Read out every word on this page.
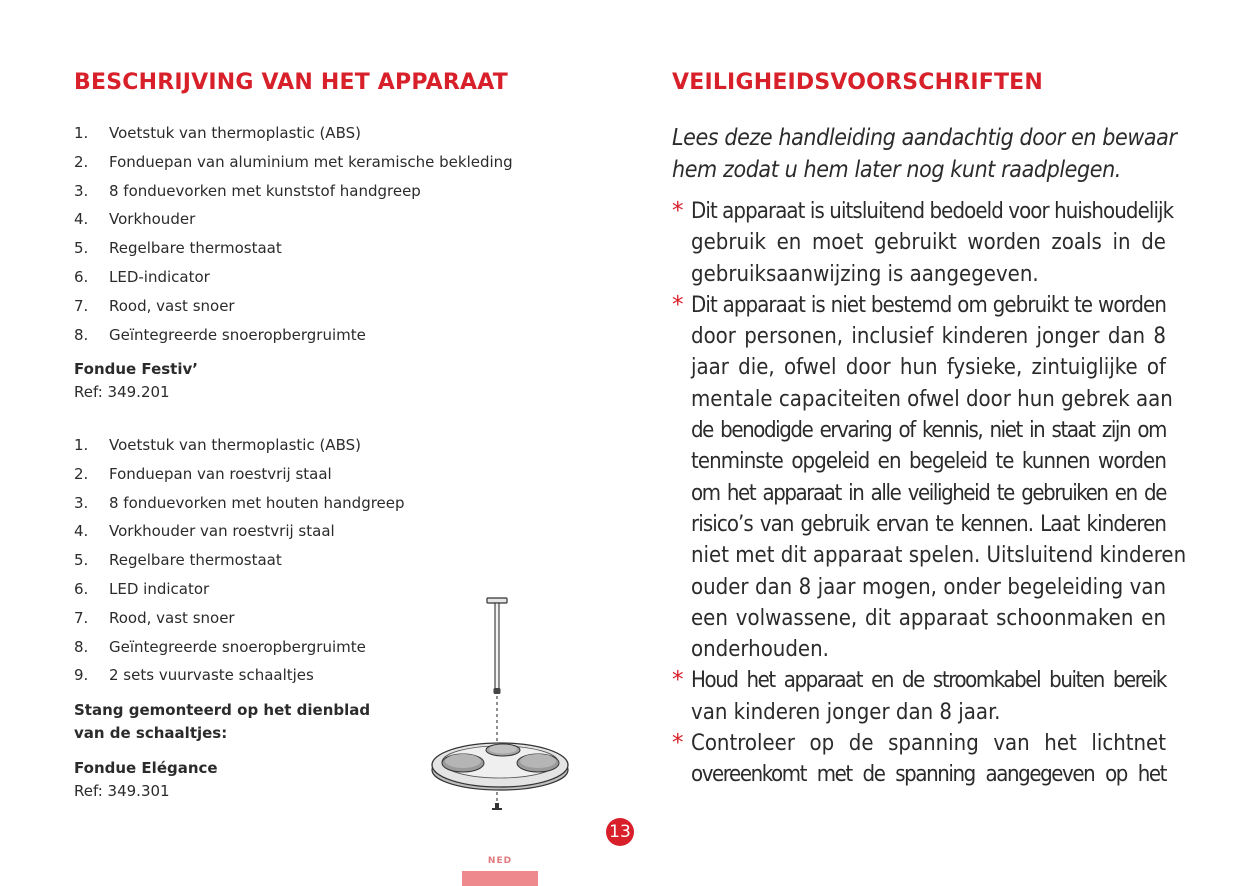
BESCHRIJVING VAN HET APPARAAT
1. Voetstuk van thermoplastic (ABS)
2. Fonduepan van aluminium met keramische bekleding
3. 8 fonduevorken met kunststof handgreep
4. Vorkhouder
5. Regelbare thermostaat
6. LED-indicator
7. Rood, vast snoer
8. Geïntegreerde snoeropbergruimte
Fondue Festiv’
Ref: 349.201
1. Voetstuk van thermoplastic (ABS)
2. Fonduepan van roestvrij staal
3. 8 fonduevorken met houten handgreep
4. Vorkhouder van roestvrij staal
5. Regelbare thermostaat
6. LED indicator
7. Rood, vast snoer
8. Geïntegreerde snoeropbergruimte
9. 2 sets vuurvaste schaaltjes
Stang gemonteerd op het dienblad
van de schaaltjes:
Fondue Elégance
Ref: 349.301
VEILIGHEIDSVOORSCHRIFTEN

Lees deze handleiding aandachtig door en bewaar
hem zodat u hem later nog kunt raadplegen.

* Dit apparaat is uitsluitend bedoeld voor huishoudelijk
gebruik en moet gebruikt worden zoals in de
gebruiksaanwijzing is aangegeven.
* Dit apparaat is niet bestemd om gebruikt te worden
door personen, inclusief kinderen jonger dan 8
jaar die, ofwel door hun fysieke, zintuiglijke of
mentale capaciteiten ofwel door hun gebrek aan
de benodigde ervaring of kennis, niet in staat zijn om
tenminste opgeleid en begeleid te kunnen worden
om het apparaat in alle veiligheid te gebruiken en de
risico’s van gebruik ervan te kennen. Laat kinderen
niet met dit apparaat spelen. Uitsluitend kinderen
ouder dan 8 jaar mogen, onder begeleiding van
een volwassene, dit apparaat schoonmaken en
onderhouden.
* Houd het apparaat en de stroomkabel buiten bereik
van kinderen jonger dan 8 jaar.
* Controleer op de spanning van het lichtnet
overeenkomt met de spanning aangegeven op het
13
NED
